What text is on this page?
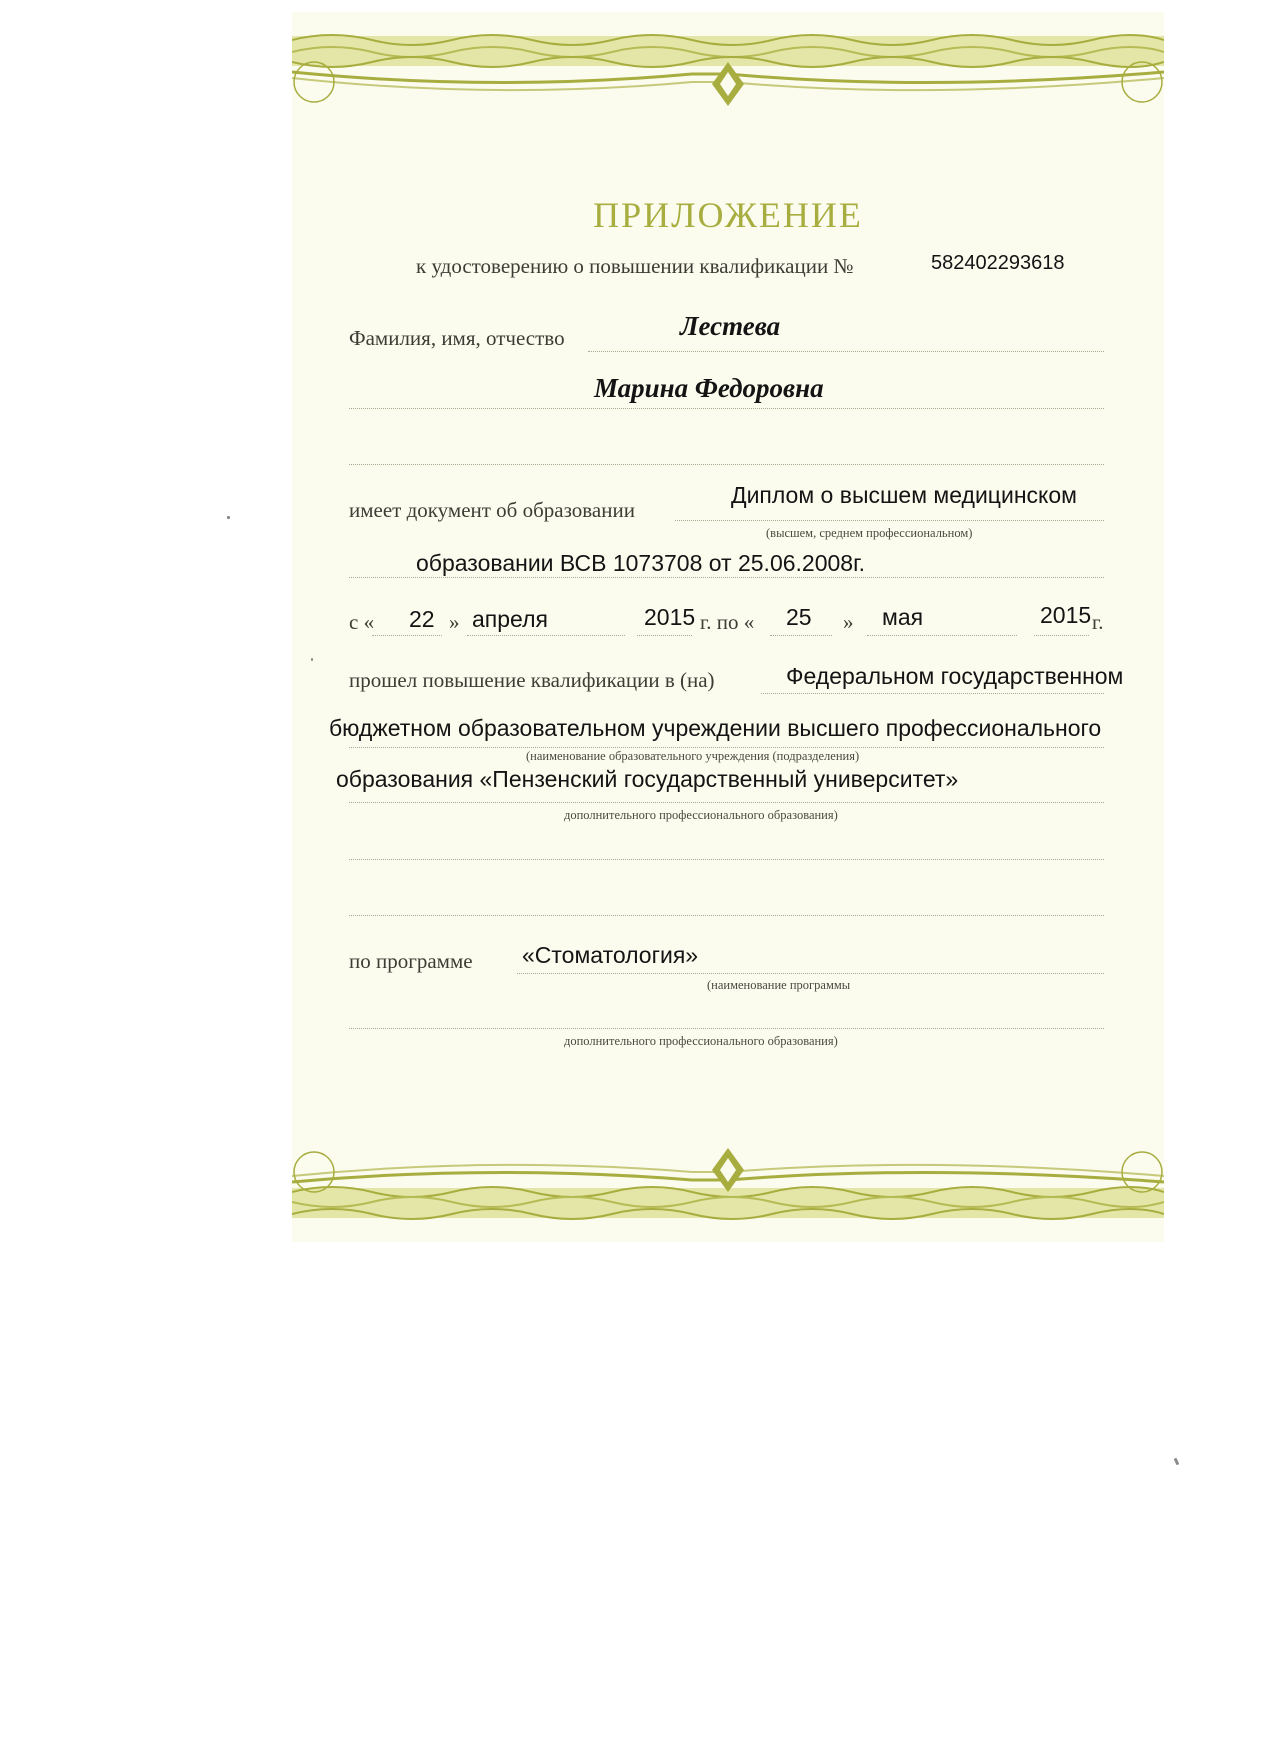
ПРИЛОЖЕНИЕ
к удостоверению о повышении квалификации №	582402293618
Фамилия, имя, отчество	Лестева
Марина Федоровна
имеет документ об образовании
Диплом о высшем медицинском
(высшем, среднем профессиональном)
образовании ВСВ 1073708 от 25.06.2008г.
с « 22 » апреля	2015 г. по « 25 » мая	2015 г.
прошел повышение квалификации в (на)	Федеральном государственном
бюджетном образовательном учреждении высшего профессионального
(наименование образовательного учреждения (подразделения)
образования «Пензенский государственный университет»
дополнительного профессионального образования)
по программе «Стоматология»
(наименование программы
дополнительного профессионального образования)
